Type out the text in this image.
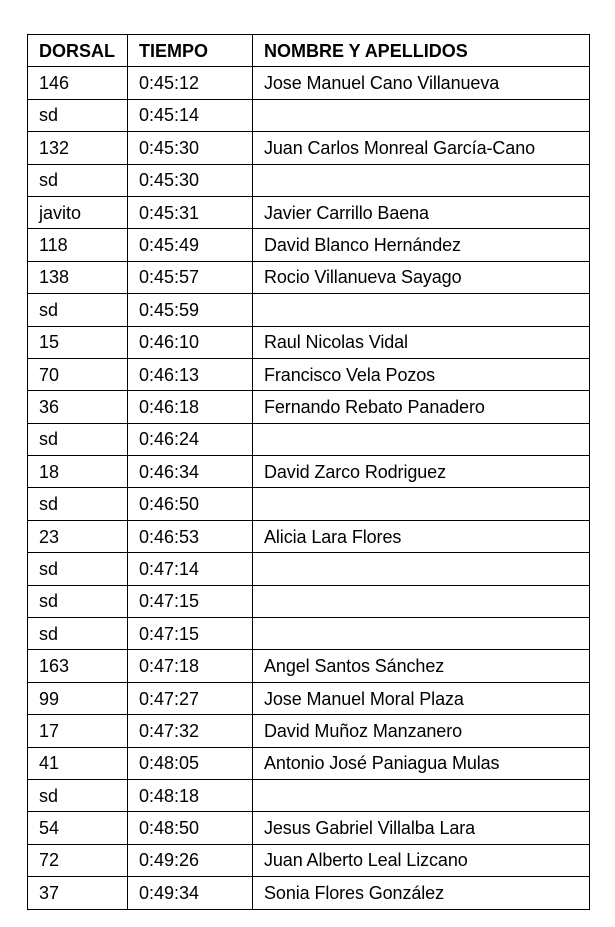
DORSAL	TIEMPO	NOMBRE Y APELLIDOS
146	0:45:12	Jose Manuel Cano Villanueva
sd	0:45:14	
132	0:45:30	Juan Carlos Monreal García-Cano
sd	0:45:30	
javito	0:45:31	Javier Carrillo Baena
118	0:45:49	David Blanco Hernández
138	0:45:57	Rocio Villanueva Sayago
sd	0:45:59	
15	0:46:10	Raul Nicolas Vidal
70	0:46:13	Francisco Vela Pozos
36	0:46:18	Fernando Rebato Panadero
sd	0:46:24	
18	0:46:34	David Zarco Rodriguez
sd	0:46:50	
23	0:46:53	Alicia Lara Flores
sd	0:47:14	
sd	0:47:15	
sd	0:47:15	
163	0:47:18	Angel Santos Sánchez
99	0:47:27	Jose Manuel Moral Plaza
17	0:47:32	David Muñoz Manzanero
41	0:48:05	Antonio José Paniagua Mulas
sd	0:48:18	
54	0:48:50	Jesus Gabriel Villalba Lara
72	0:49:26	Juan Alberto Leal Lizcano
37	0:49:34	Sonia Flores González
